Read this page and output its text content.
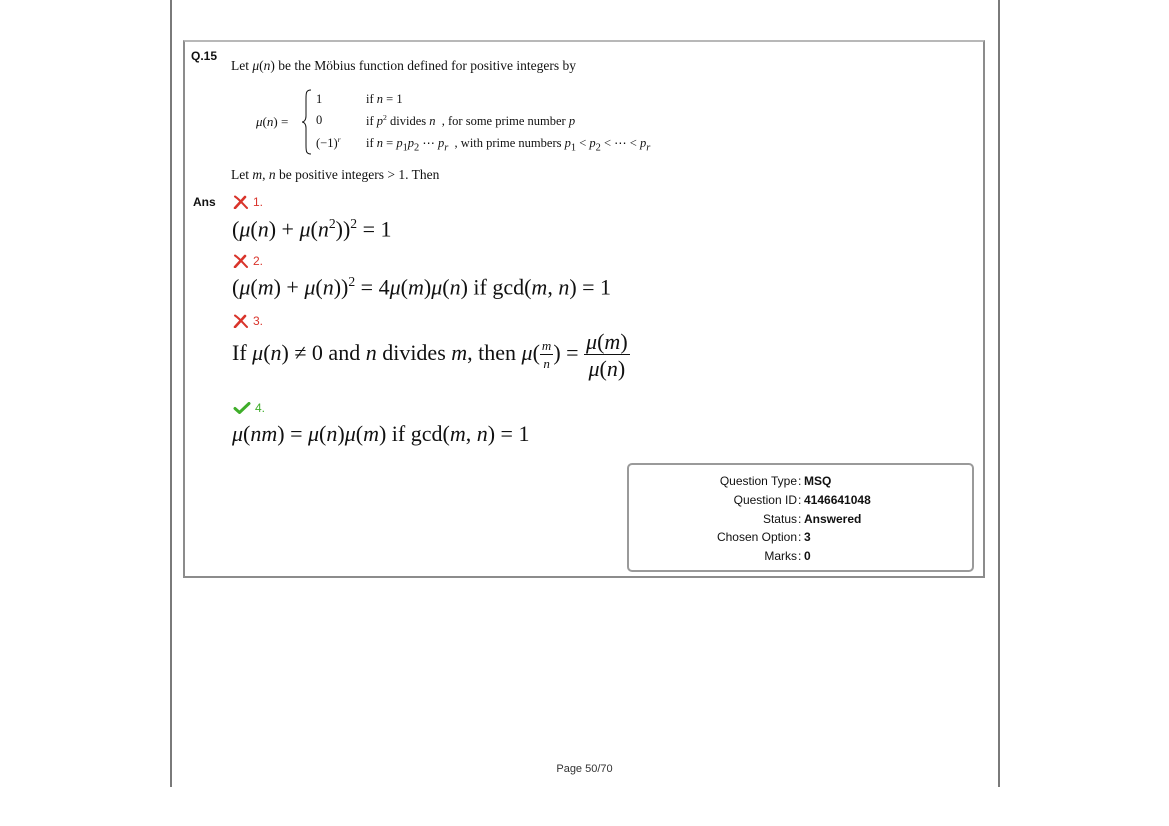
Q.15
Let μ(n) be the Möbius function defined for positive integers by
μ(n) =
1	if n = 1
0	if $p^2$ divides n  , for some prime number p
$(-1)^r$ if $n = p_1p_2$ ⋯ $p_r$  , with prime numbers $p_1 < p_2$ < ⋯ < $p_r$
Let m, n be positive integers > 1. Then
Ans	1.
$(\mu(n) + \mu(n^2))^2 = 1$
2.
$(\mu(m) + \mu(n))^2 = 4\mu(m)\mu(n)$ if gcd(m, n) = 1
3.
If μ(n) ≠ 0 and n divides m, then $\mu( \frac{m}{n}$ ) = $\frac{\mu(m)}{\mu(n)}$
4.
μ(nm) = μ(n)μ(m) if gcd(m, n) = 1
Question Type : MSQ
Question ID : 4146641048
Status : Answered
Chosen Option : 3
Marks : 0
Page 50/70
